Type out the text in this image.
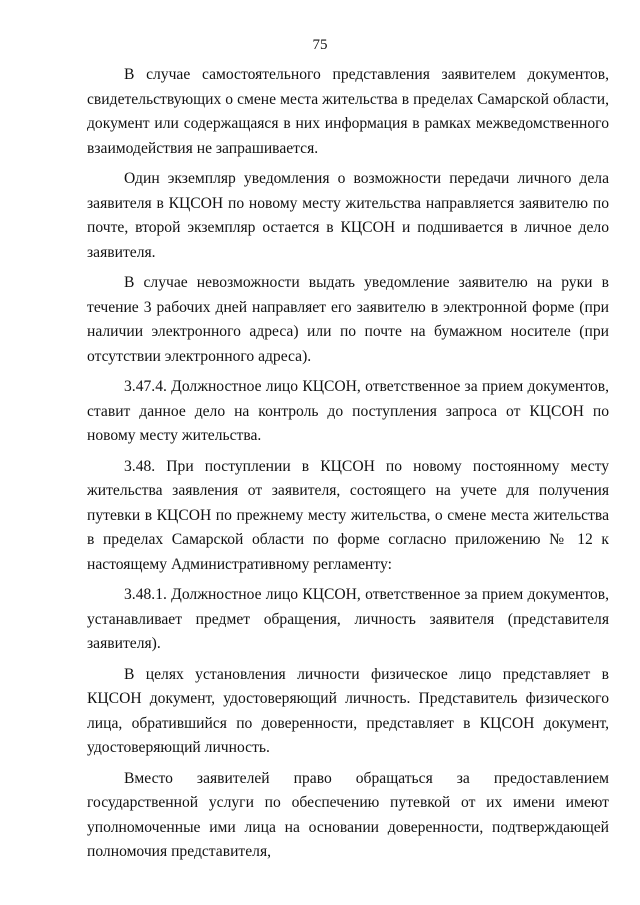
75

В случае самостоятельного представления заявителем документов, свидетельствующих о смене места жительства в пределах Самарской области, документ или содержащаяся в них информация в рамках межведомственного взаимодействия не запрашивается.

Один экземпляр уведомления о возможности передачи личного дела заявителя в КЦСОН по новому месту жительства направляется заявителю по почте, второй экземпляр остается в КЦСОН и подшивается в личное дело заявителя.

В случае невозможности выдать уведомление заявителю на руки в течение 3 рабочих дней направляет его заявителю в электронной форме (при наличии электронного адреса) или по почте на бумажном носителе (при отсутствии электронного адреса).

3.47.4. Должностное лицо КЦСОН, ответственное за прием документов, ставит данное дело на контроль до поступления запроса от КЦСОН по новому месту жительства.

3.48. При поступлении в КЦСОН по новому постоянному месту жительства заявления от заявителя, состоящего на учете для получения путевки в КЦСОН по прежнему месту жительства, о смене места жительства в пределах Самарской области по форме согласно приложению № 12 к настоящему Административному регламенту:

3.48.1. Должностное лицо КЦСОН, ответственное за прием документов, устанавливает предмет обращения, личность заявителя (представителя заявителя).

В целях установления личности физическое лицо представляет в КЦСОН документ, удостоверяющий личность. Представитель физического лица, обратившийся по доверенности, представляет в КЦСОН документ, удостоверяющий личность.

Вместо заявителей право обращаться за предоставлением государственной услуги по обеспечению путевкой от их имени имеют уполномоченные ими лица на основании доверенности, подтверждающей полномочия представителя,
